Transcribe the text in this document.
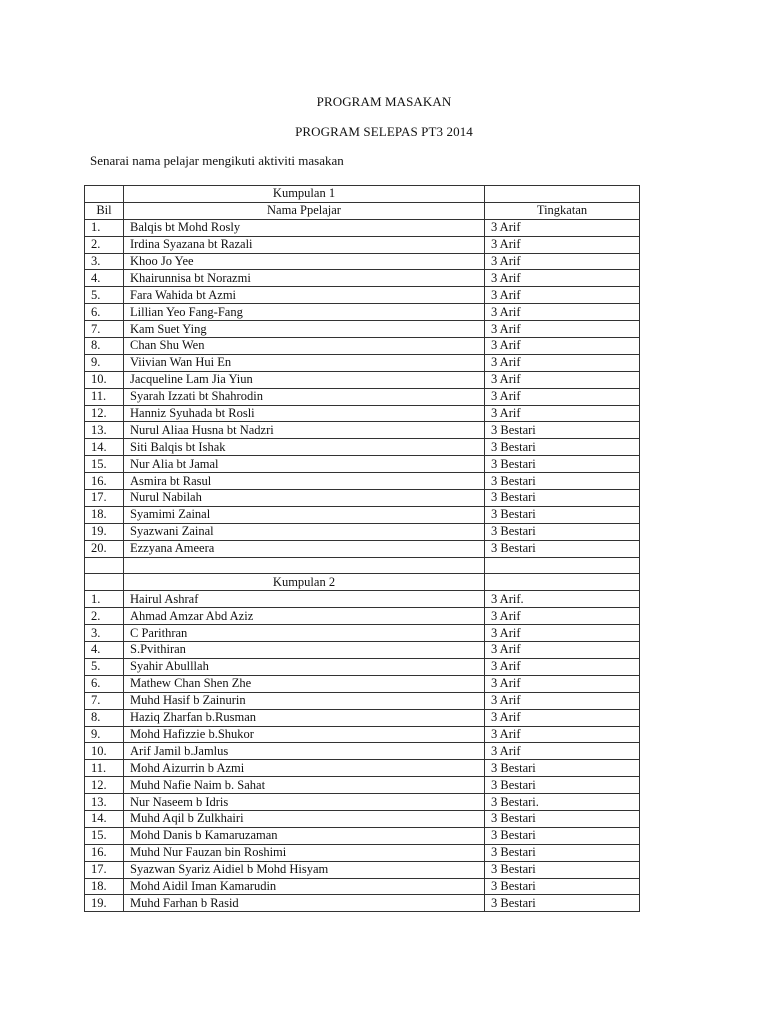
PROGRAM MASAKAN
PROGRAM SELEPAS PT3 2014
Senarai nama pelajar mengikuti aktiviti masakan
	Kumpulan 1	
Bil	Nama Ppelajar	Tingkatan
1.	Balqis bt Mohd Rosly	3 Arif
2.	Irdina Syazana bt Razali	3 Arif
3.	Khoo Jo Yee	3 Arif
4.	Khairunnisa bt Norazmi	3 Arif
5.	Fara Wahida bt Azmi	3 Arif
6.	Lillian Yeo Fang-Fang	3 Arif
7.	Kam Suet Ying	3 Arif
8.	Chan Shu Wen	3 Arif
9.	Viivian Wan Hui En	3 Arif
10.	Jacqueline Lam Jia Yiun	3 Arif
11.	Syarah Izzati bt Shahrodin	3 Arif
12.	Hanniz Syuhada bt Rosli	3 Arif
13.	Nurul Aliaa Husna bt Nadzri	3 Bestari
14.	Siti Balqis bt Ishak	3 Bestari
15.	Nur Alia bt Jamal	3 Bestari
16.	Asmira bt Rasul	3 Bestari
17.	Nurul Nabilah	3 Bestari
18.	Syamimi Zainal	3 Bestari
19.	Syazwani Zainal	3 Bestari
20.	Ezzyana Ameera	3 Bestari

	Kumpulan 2	
1.	Hairul Ashraf	3 Arif.
2.	Ahmad Amzar Abd Aziz	3 Arif
3.	C Parithran	3 Arif
4.	S.Pvithiran	3 Arif
5.	Syahir Abulllah	3 Arif
6.	Mathew Chan Shen Zhe	3 Arif
7.	Muhd Hasif b Zainurin	3 Arif
8.	Haziq Zharfan b.Rusman	3 Arif
9.	Mohd Hafizzie b.Shukor	3 Arif
10.	Arif Jamil b.Jamlus	3 Arif
11.	Mohd Aizurrin b Azmi	3 Bestari
12.	Muhd Nafie Naim b. Sahat	3 Bestari
13.	Nur Naseem b Idris	3 Bestari.
14.	Muhd Aqil b Zulkhairi	3 Bestari
15.	Mohd Danis b Kamaruzaman	3 Bestari
16.	Muhd Nur Fauzan bin Roshimi	3 Bestari
17.	Syazwan Syariz Aidiel b Mohd Hisyam	3 Bestari
18.	Mohd Aidil Iman Kamarudin	3 Bestari
19.	Muhd Farhan b Rasid	3 Bestari
